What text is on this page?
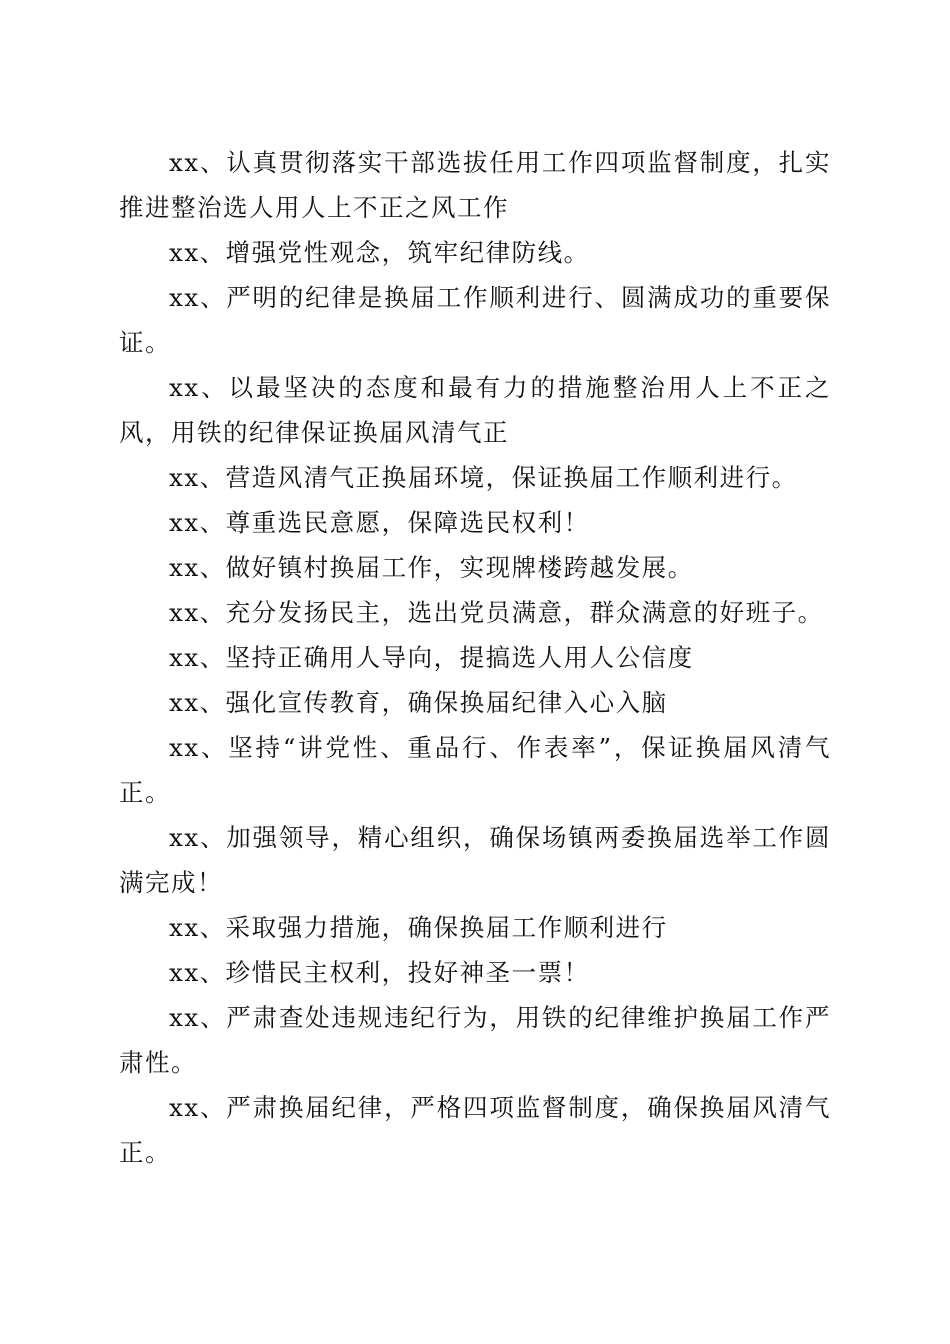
xx、认真贯彻落实干部选拔任用工作四项监督制度，扎实推进整治选人用人上不正之风工作

xx、增强党性观念，筑牢纪律防线。

xx、严明的纪律是换届工作顺利进行、圆满成功的重要保证。

xx、以最坚决的态度和最有力的措施整治用人上不正之风，用铁的纪律保证换届风清气正

xx、营造风清气正换届环境，保证换届工作顺利进行。

xx、尊重选民意愿，保障选民权利！

xx、做好镇村换届工作，实现牌楼跨越发展。

xx、充分发扬民主，选出党员满意，群众满意的好班子。

xx、坚持正确用人导向，提搞选人用人公信度

xx、强化宣传教育，确保换届纪律入心入脑

xx、坚持“讲党性、重品行、作表率”，保证换届风清气正。

xx、加强领导，精心组织，确保场镇两委换届选举工作圆满完成！

xx、采取强力措施，确保换届工作顺利进行

xx、珍惜民主权利，投好神圣一票！

xx、严肃查处违规违纪行为，用铁的纪律维护换届工作严肃性。

xx、严肃换届纪律，严格四项监督制度，确保换届风清气正。
